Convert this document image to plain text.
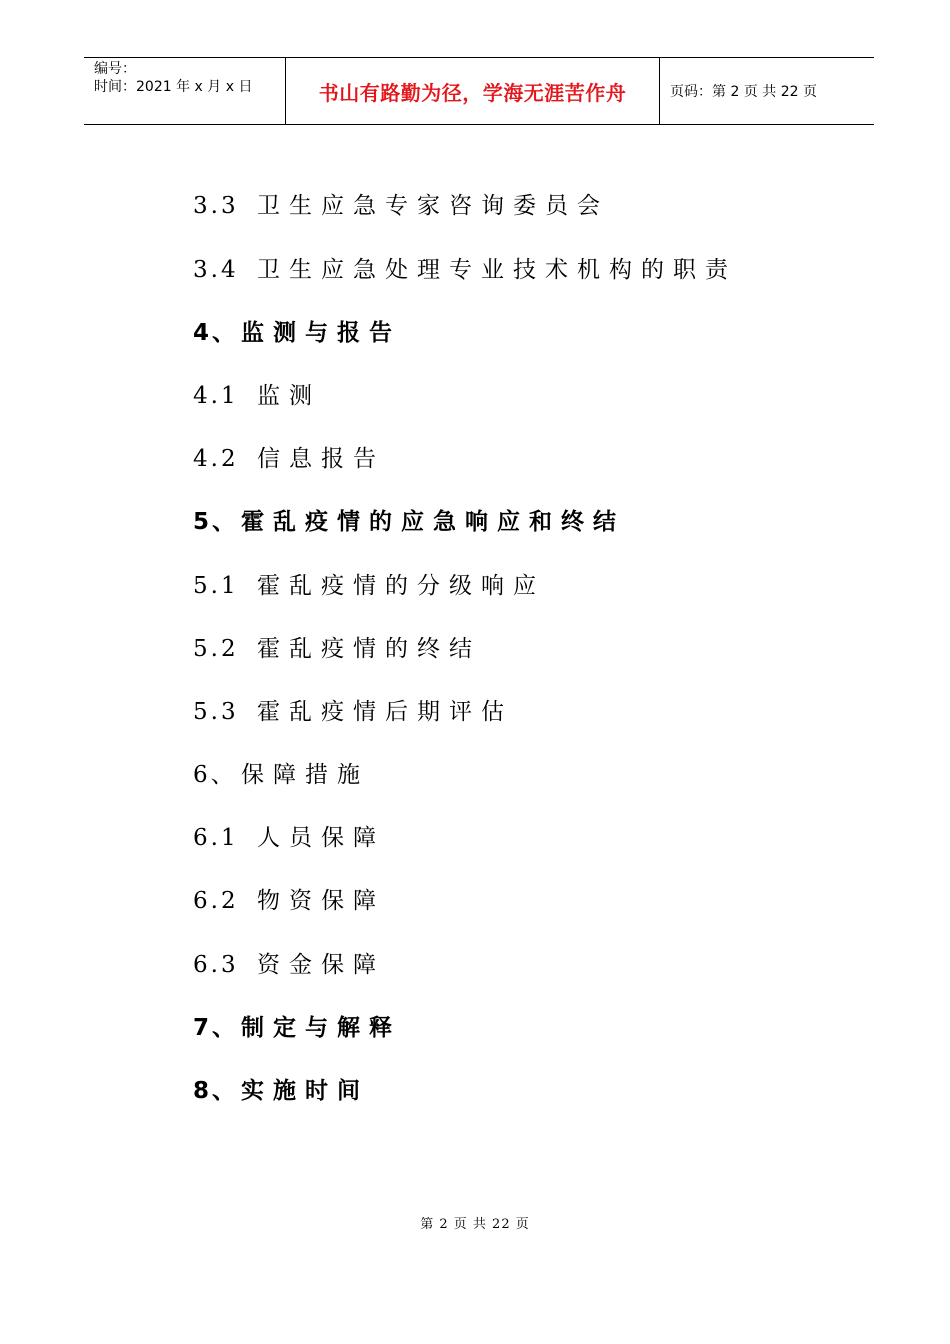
编号：
时间：2021 年 x 月 x 日	书山有路勤为径，学海无涯苦作舟	页码：第 2 页 共 22 页
3.3 卫生应急专家咨询委员会
3.4 卫生应急处理专业技术机构的职责
4、 监测与报告
4.1 监测
4.2 信息报告
5、 霍乱疫情的应急响应和终结
5.1 霍乱疫情的分级响应
5.2 霍乱疫情的终结
5.3 霍乱疫情后期评估
6、 保障措施
6.1 人员保障
6.2 物资保障
6.3 资金保障
7、 制定与解释
8、 实施时间
第 2 页 共 22 页
